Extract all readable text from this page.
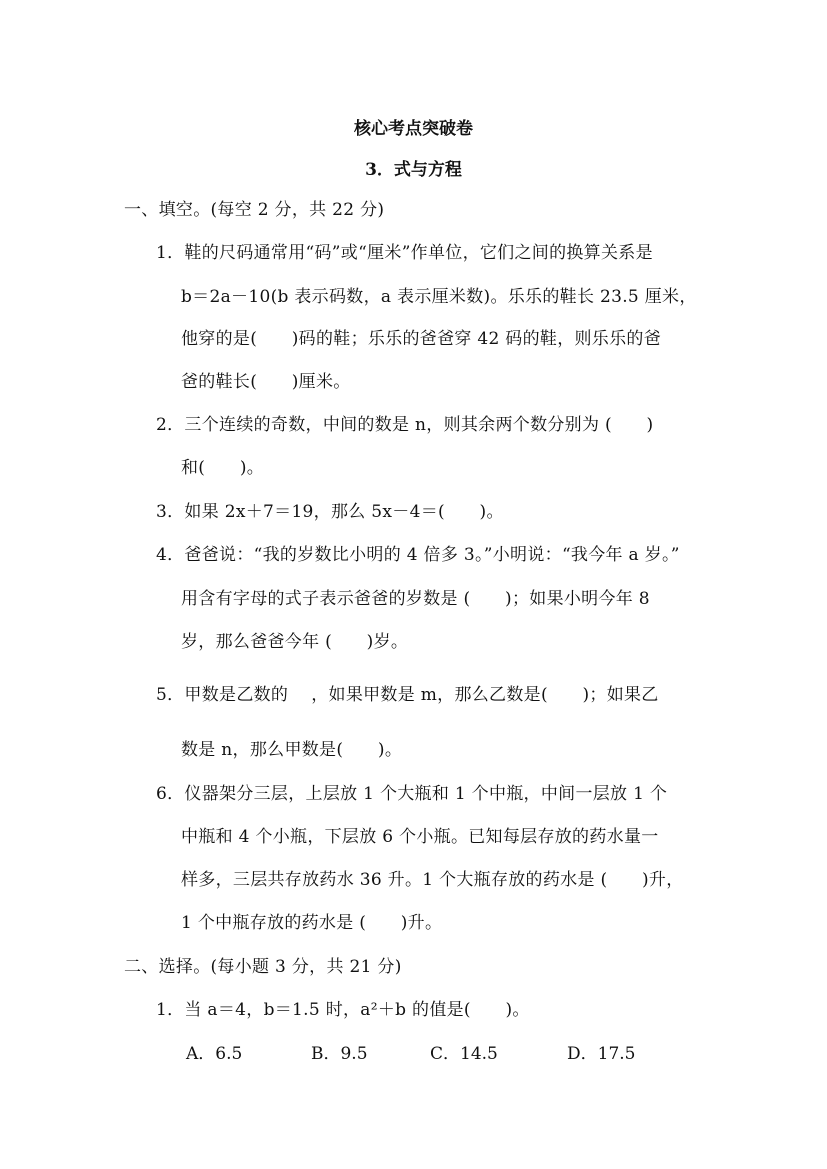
核心考点突破卷
3．式与方程
一、填空。(每空 2 分，共 22 分)
1．鞋的尺码通常用“码”或“厘米”作单位，它们之间的换算关系是
b＝2a－10(b 表示码数，a 表示厘米数)。乐乐的鞋长 23.5 厘米，
他穿的是(　　)码的鞋；乐乐的爸爸穿 42 码的鞋，则乐乐的爸
爸的鞋长(　　)厘米。
2．三个连续的奇数，中间的数是 n，则其余两个数分别为 (　　)
和(　　)。
3．如果 2x＋7＝19，那么 5x－4＝(　　)。
4．爸爸说：“我的岁数比小明的 4 倍多 3。”小明说：“我今年 a 岁。”
用含有字母的式子表示爸爸的岁数是 (　　)；如果小明今年 8
岁，那么爸爸今年 (　　)岁。
5．甲数是乙数的　 ，如果甲数是 m，那么乙数是(　　)；如果乙
数是 n，那么甲数是(　　)。
6．仪器架分三层，上层放 1 个大瓶和 1 个中瓶，中间一层放 1 个
中瓶和 4 个小瓶，下层放 6 个小瓶。已知每层存放的药水量一
样多，三层共存放药水 36 升。1 个大瓶存放的药水是 (　　)升，
1 个中瓶存放的药水是 (　　)升。
二、选择。(每小题 3 分，共 21 分)
1．当 a＝4，b＝1.5 时，a²＋b 的值是(　　)。
A．6.5	B．9.5	C．14.5	D．17.5
